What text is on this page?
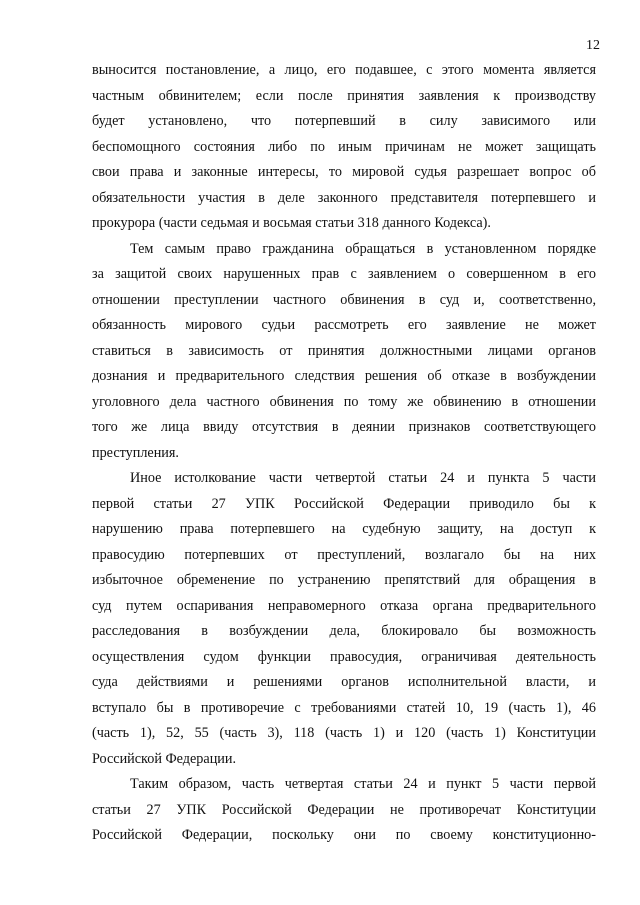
12
выносится постановление, а лицо, его подавшее, с этого момента является
частным обвинителем; если после принятия заявления к производству
будет установлено, что потерпевший в силу зависимого или
беспомощного состояния либо по иным причинам не может защищать
свои права и законные интересы, то мировой судья разрешает вопрос об
обязательности участия в деле законного представителя потерпевшего и
прокурора (части седьмая и восьмая статьи 318 данного Кодекса).
Тем самым право гражданина обращаться в установленном порядке
за защитой своих нарушенных прав с заявлением о совершенном в его
отношении преступлении частного обвинения в суд и, соответственно,
обязанность мирового судьи рассмотреть его заявление не может
ставиться в зависимость от принятия должностными лицами органов
дознания и предварительного следствия решения об отказе в возбуждении
уголовного дела частного обвинения по тому же обвинению в отношении
того же лица ввиду отсутствия в деянии признаков соответствующего
преступления.
Иное истолкование части четвертой статьи 24 и пункта 5 части
первой статьи 27 УПК Российской Федерации приводило бы к
нарушению права потерпевшего на судебную защиту, на доступ к
правосудию потерпевших от преступлений, возлагало бы на них
избыточное обременение по устранению препятствий для обращения в
суд путем оспаривания неправомерного отказа органа предварительного
расследования в возбуждении дела, блокировало бы возможность
осуществления судом функции правосудия, ограничивая деятельность
суда действиями и решениями органов исполнительной власти, и
вступало бы в противоречие с требованиями статей 10, 19 (часть 1), 46
(часть 1), 52, 55 (часть 3), 118 (часть 1) и 120 (часть 1) Конституции
Российской Федерации.
Таким образом, часть четвертая статьи 24 и пункт 5 части первой
статьи 27 УПК Российской Федерации не противоречат Конституции
Российской Федерации, поскольку они по своему конституционно-
